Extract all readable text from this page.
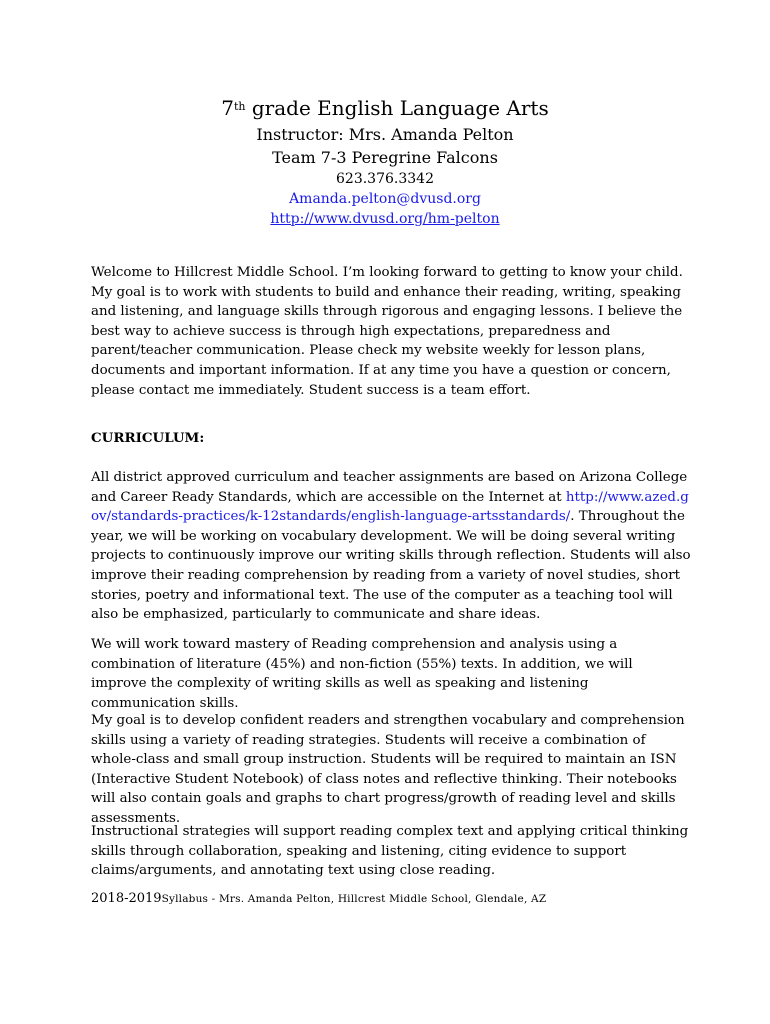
7th grade English Language Arts

Instructor: Mrs. Amanda Pelton

Team 7-3 Peregrine Falcons

623.376.3342

Amanda.pelton@dvusd.org

http://www.dvusd.org/hm-pelton

Welcome to Hillcrest Middle School. I’m looking forward to getting to know your child. My goal is to work with students to build and enhance their reading, writing, speaking and listening, and language skills through rigorous and engaging lessons. I believe the best way to achieve success is through high expectations, preparedness and parent/teacher communication. Please check my website weekly for lesson plans, documents and important information. If at any time you have a question or concern, please contact me immediately. Student success is a team effort.

CURRICULUM:

All district approved curriculum and teacher assignments are based on Arizona College and Career Ready Standards, which are accessible on the Internet at http://www.azed.gov/standards-practices/k-12standards/english-language-artsstandards/. Throughout the year, we will be working on vocabulary development. We will be doing several writing projects to continuously improve our writing skills through reflection. Students will also improve their reading comprehension by reading from a variety of novel studies, short stories, poetry and informational text. The use of the computer as a teaching tool will also be emphasized, particularly to communicate and share ideas.

We will work toward mastery of Reading comprehension and analysis using a combination of literature (45%) and non-fiction (55%) texts. In addition, we will improve the complexity of writing skills as well as speaking and listening communication skills.

My goal is to develop confident readers and strengthen vocabulary and comprehension skills using a variety of reading strategies. Students will receive a combination of whole-class and small group instruction. Students will be required to maintain an ISN (Interactive Student Notebook) of class notes and reflective thinking. Their notebooks will also contain goals and graphs to chart progress/growth of reading level and skills assessments.

Instructional strategies will support reading complex text and applying critical thinking skills through collaboration, speaking and listening, citing evidence to support claims/arguments, and annotating text using close reading.

2018-2019Syllabus - Mrs. Amanda Pelton, Hillcrest Middle School, Glendale, AZ
